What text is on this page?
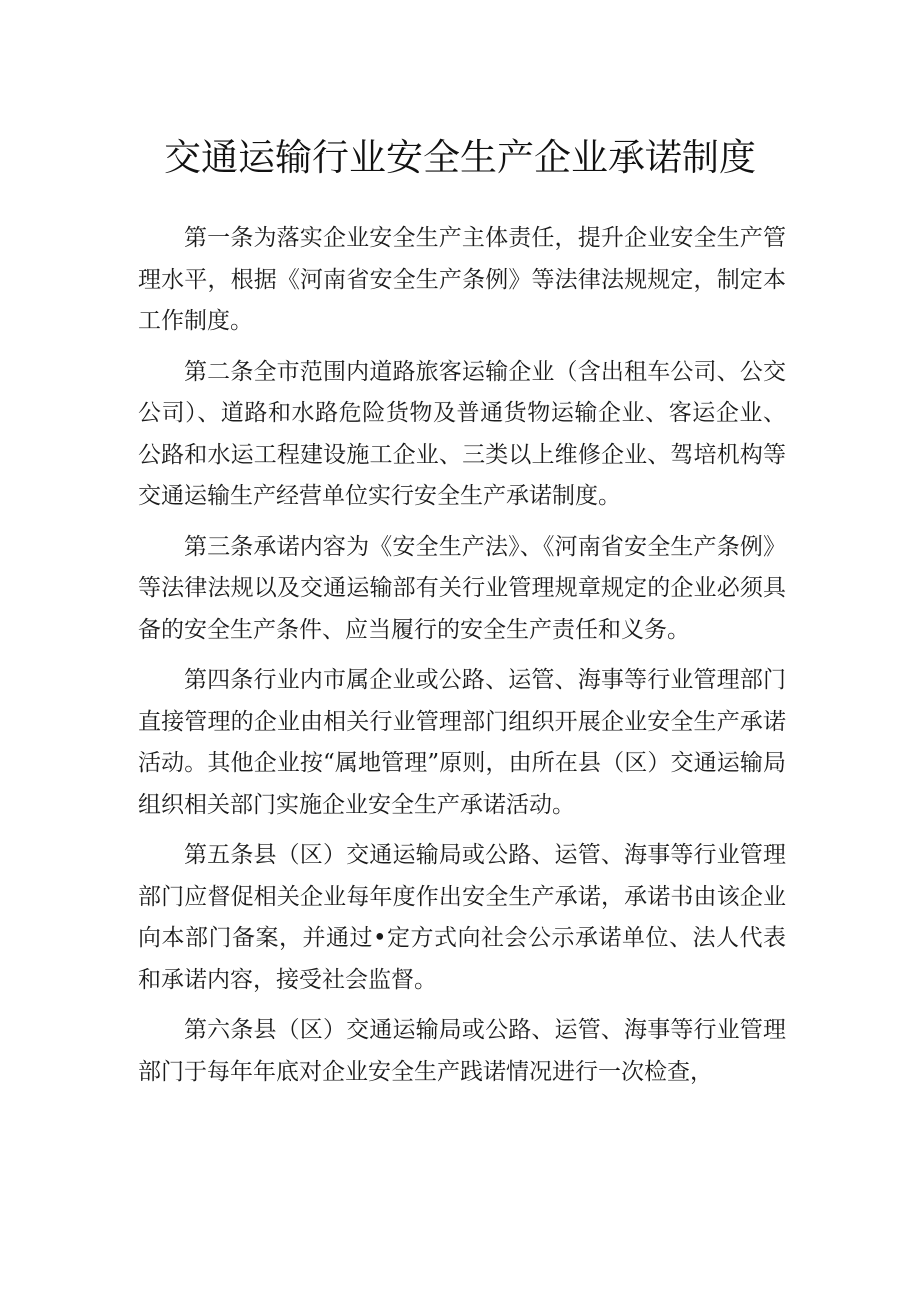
交通运输行业安全生产企业承诺制度

第一条为落实企业安全生产主体责任，提升企业安全生产管理水平，根据《河南省安全生产条例》等法律法规规定，制定本工作制度。

第二条全市范围内道路旅客运输企业（含出租车公司、公交公司）、道路和水路危险货物及普通货物运输企业、客运企业、公路和水运工程建设施工企业、三类以上维修企业、驾培机构等交通运输生产经营单位实行安全生产承诺制度。

第三条承诺内容为《安全生产法》、《河南省安全生产条例》等法律法规以及交通运输部有关行业管理规章规定的企业必须具备的安全生产条件、应当履行的安全生产责任和义务。

第四条行业内市属企业或公路、运管、海事等行业管理部门直接管理的企业由相关行业管理部门组织开展企业安全生产承诺活动。其他企业按“属地管理”原则，由所在县（区）交通运输局组织相关部门实施企业安全生产承诺活动。

第五条县（区）交通运输局或公路、运管、海事等行业管理部门应督促相关企业每年度作出安全生产承诺，承诺书由该企业向本部门备案，并通过•定方式向社会公示承诺单位、法人代表和承诺内容，接受社会监督。

第六条县（区）交通运输局或公路、运管、海事等行业管理部门于每年年底对企业安全生产践诺情况进行一次检查，
